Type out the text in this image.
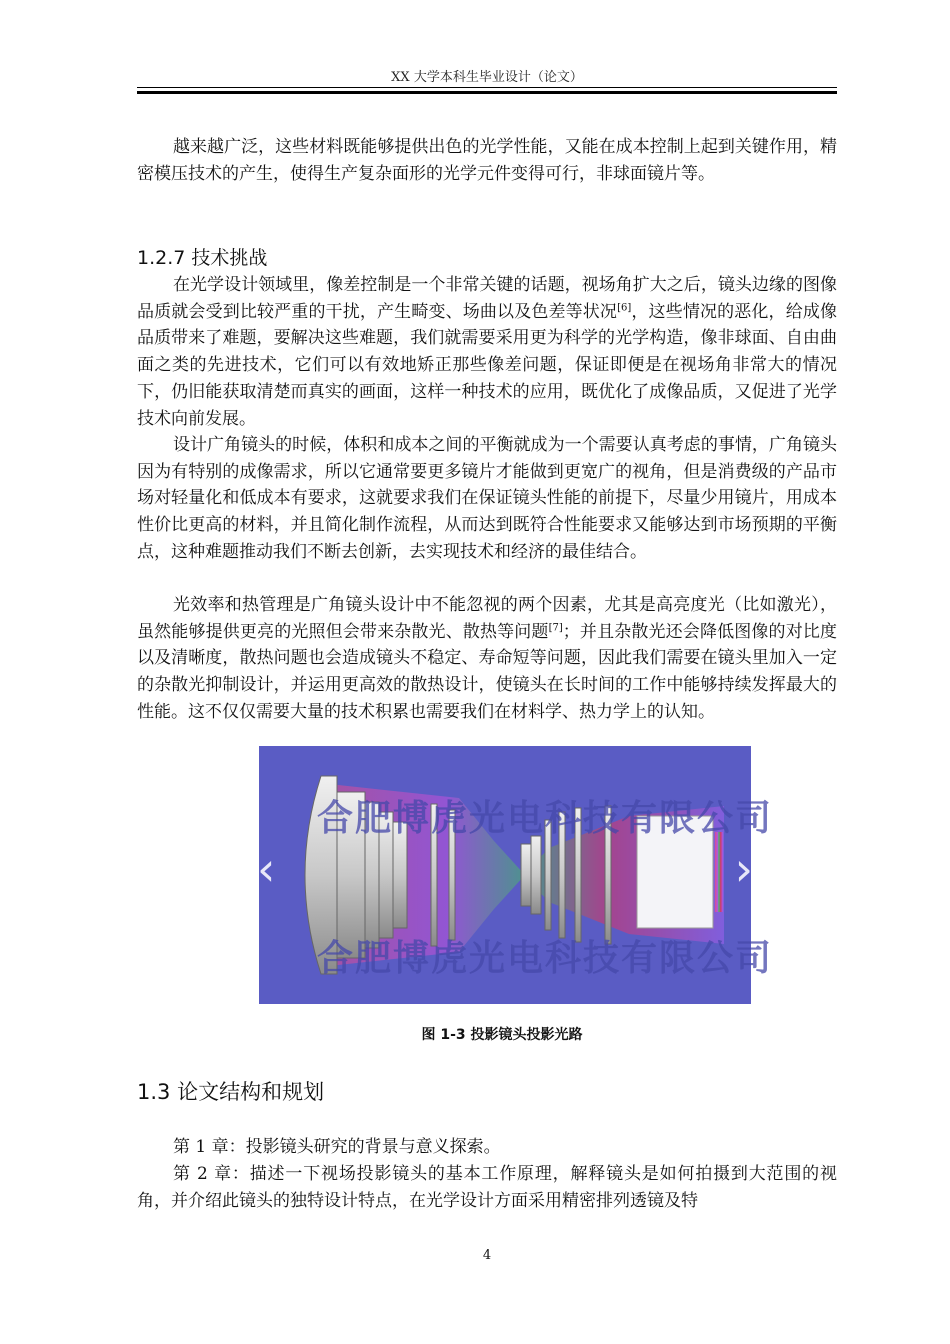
XX 大学本科生毕业设计（论文）

越来越广泛，这些材料既能够提供出色的光学性能，又能在成本控制上起到关键作用，精密模压技术的产生，使得生产复杂面形的光学元件变得可行，非球面镜片等。

1.2.7 技术挑战

在光学设计领域里，像差控制是一个非常关键的话题，视场角扩大之后，镜头边缘的图像品质就会受到比较严重的干扰，产生畸变、场曲以及色差等状况[6]，这些情况的恶化，给成像品质带来了难题，要解决这些难题，我们就需要采用更为科学的光学构造，像非球面、自由曲面之类的先进技术，它们可以有效地矫正那些像差问题，保证即便是在视场角非常大的情况下，仍旧能获取清楚而真实的画面，这样一种技术的应用，既优化了成像品质，又促进了光学技术向前发展。

设计广角镜头的时候，体积和成本之间的平衡就成为一个需要认真考虑的事情，广角镜头因为有特别的成像需求，所以它通常要更多镜片才能做到更宽广的视角，但是消费级的产品市场对轻量化和低成本有要求，这就要求我们在保证镜头性能的前提下，尽量少用镜片，用成本性价比更高的材料，并且简化制作流程，从而达到既符合性能要求又能够达到市场预期的平衡点，这种难题推动我们不断去创新，去实现技术和经济的最佳结合。

光效率和热管理是广角镜头设计中不能忽视的两个因素，尤其是高亮度光（比如激光），虽然能够提供更亮的光照但会带来杂散光、散热等问题[7]；并且杂散光还会降低图像的对比度以及清晰度，散热问题也会造成镜头不稳定、寿命短等问题，因此我们需要在镜头里加入一定的杂散光抑制设计，并运用更高效的散热设计，使镜头在长时间的工作中能够持续发挥最大的性能。这不仅仅需要大量的技术积累也需要我们在材料学、热力学上的认知。

合肥博虎光电科技有限公司
合肥博虎光电科技有限公司
‹	›
图 1-3 投影镜头投影光路
1.3 论文结构和规划

第 1 章：投影镜头研究的背景与意义探索。

第 2 章：描述一下视场投影镜头的基本工作原理，解释镜头是如何拍摄到大范围的视角，并介绍此镜头的独特设计特点，在光学设计方面采用精密排列透镜及特

4
